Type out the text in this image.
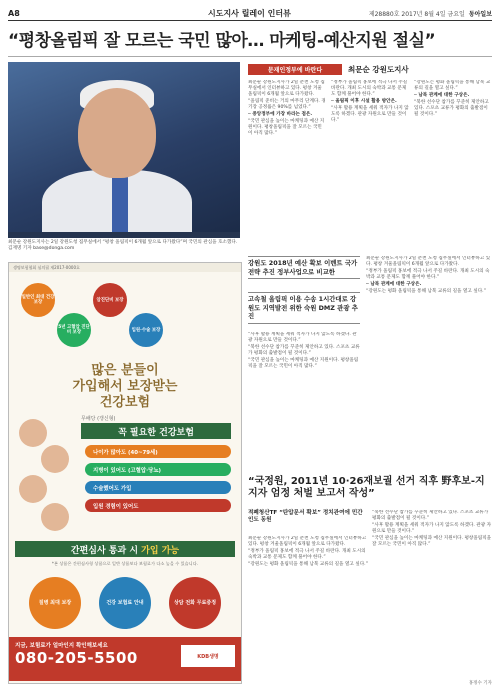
A8	시도지사 릴레이 인터뷰	제28880호 2017년 8월 4일 금요일 동아일보
“평창올림픽 잘 모르는 국민 많아… 마케팅-예산지원 절실”
최문순 강원도지사는 2일 강원도청 집무실에서 “평창 올림픽이 6개월 앞으로 다가왔다”며 국민의 관심을 호소했다. 김재명 기자 base@donga.com
문재인정부에 바란다	최문순 강원도지사

최문순 강원도지사가 2일 춘천 도청 집무실에서 인터뷰하고 있다. 평창 겨울올림픽이 6개월 앞으로 다가왔다.

“올림픽 준비는 거의 마무리 단계다. 경기장 공정률은 90%를 넘었다.”

─ 중앙정부에 가장 바라는 점은.

“국민 관심을 높이는 마케팅과 예산 지원이다. 평창올림픽을 잘 모르는 국민이 아직 많다.”

“정부가 올림픽 홍보에 적극 나서 주길 바란다. 개최 도시의 숙박과 교통 문제도 함께 풀어야 한다.”

─ 올림픽 이후 시설 활용 방안은.

“사후 활용 계획을 세워 적자가 나지 않도록 하겠다. 관광 자원으로 만들 것이다.”

“강원도는 평화 올림픽을 통해 남북 교류의 길을 열고 싶다.”

─ 남북 관계에 대한 구상은.

“북한 선수단 참가를 꾸준히 제안하고 있다. 스포츠 교류가 평화의 출발점이 될 것이다.”

강원도 2018년 예산 확보 이벤트 국가전략 추진 정부사업으로 비교한
고속철 올림픽 이용 수송 1시간대로 강원도 지역발전 위한 숙원 DMZ 관광 추진

“사후 활용 계획을 세워 적자가 나지 않도록 하겠다. 관광 자원으로 만들 것이다.”

“북한 선수단 참가를 꾸준히 제안하고 있다. 스포츠 교류가 평화의 출발점이 될 것이다.”

“국민 관심을 높이는 마케팅과 예산 지원이다. 평창올림픽을 잘 모르는 국민이 아직 많다.”

최문순 강원도지사가 2일 춘천 도청 집무실에서 인터뷰하고 있다. 평창 겨울올림픽이 6개월 앞으로 다가왔다.

“정부가 올림픽 홍보에 적극 나서 주길 바란다. 개최 도시의 숙박과 교통 문제도 함께 풀어야 한다.”

─ 남북 관계에 대한 구상은.

“강원도는 평화 올림픽을 통해 남북 교류의 길을 열고 싶다.”

생명보험협회 심의필 제2017-0000호
일반인 최대 건강보장
5년 고혈압 진단비 보장
암진단비 보장
입원·수술 보장
많은 분들이
가입해서 보장받는
건강보험
무배당 (갱신형)
꼭 필요한 건강보험
나이가 많아도 (40~79세)
지병이 있어도 (고혈압·당뇨)
수술했어도 가입
입원 경험이 있어도
간편심사 통과 시
가입 가능
*본 상품은 간편심사형 상품으로 일반 상품보다 보험료가 다소 높을 수 있습니다.
질병 최대 보장	건강 보험료 안내	상담 전화 무료증정
지금, 보험료가 얼마인지 확인해보세요
080-205-5500	KDB생명
“국정원, 2011년 10·26재보궐 선거 직후 野후보-지지자 엄정 처벌 보고서 작성”
적폐청산TF “탄압문서 확보” 정치관여에 민간인도 동원

최문순 강원도지사가 2일 춘천 도청 집무실에서 인터뷰하고 있다. 평창 겨울올림픽이 6개월 앞으로 다가왔다.

“정부가 올림픽 홍보에 적극 나서 주길 바란다. 개최 도시의 숙박과 교통 문제도 함께 풀어야 한다.”

“강원도는 평화 올림픽을 통해 남북 교류의 길을 열고 싶다.”

“북한 선수단 참가를 꾸준히 제안하고 있다. 스포츠 교류가 평화의 출발점이 될 것이다.”

“사후 활용 계획을 세워 적자가 나지 않도록 하겠다. 관광 자원으로 만들 것이다.”

“국민 관심을 높이는 마케팅과 예산 지원이다. 평창올림픽을 잘 모르는 국민이 아직 많다.”

홍정수 기자
